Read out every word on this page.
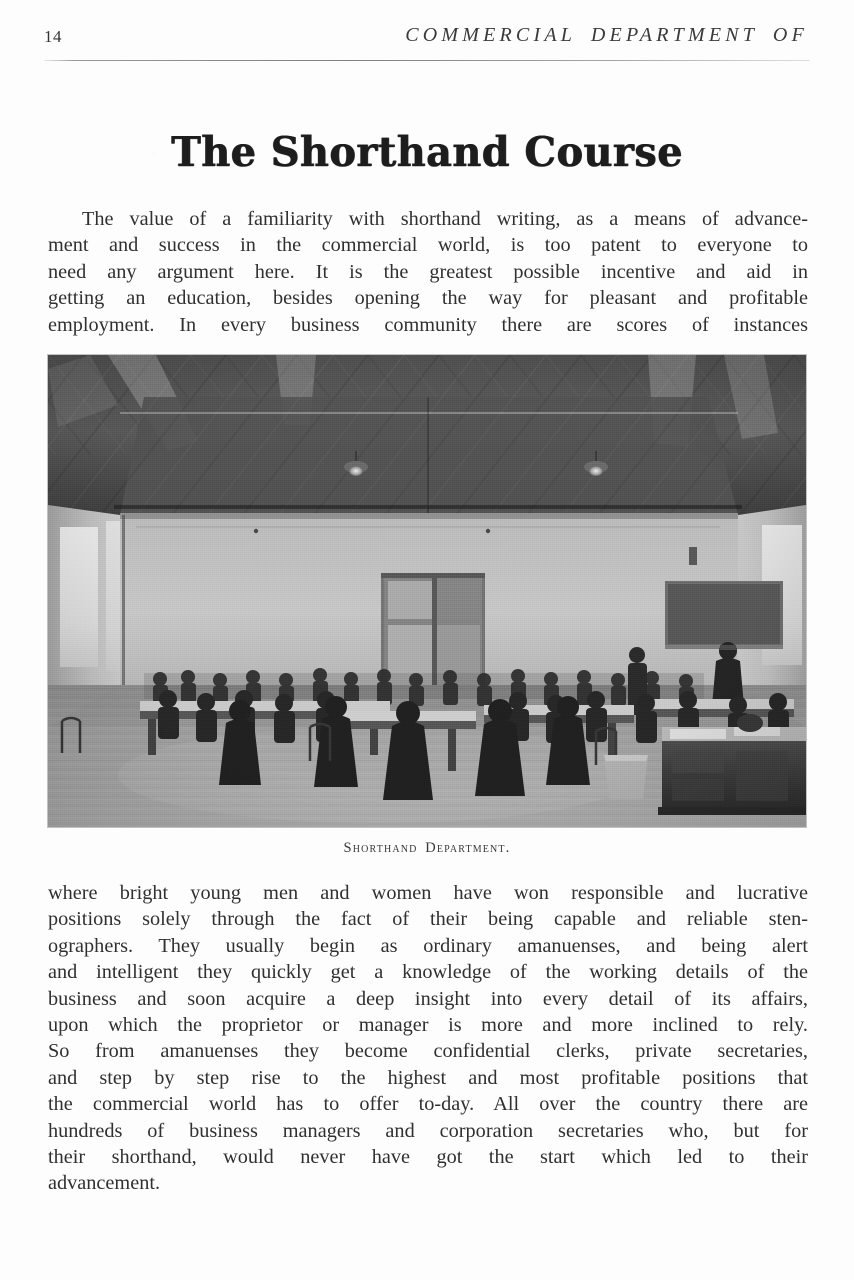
14	COMMERCIAL DEPARTMENT OF
The Shorthand Course
The value of a familiarity with shorthand writing, as a means of advance-
ment and success in the commercial world, is too patent to everyone to
need any argument here. It is the greatest possible incentive and aid in
getting an education, besides opening the way for pleasant and profitable
employment. In every business community there are scores of instances
Shorthand Department.
where bright young men and women have won responsible and lucrative
positions solely through the fact of their being capable and reliable sten-
ographers. They usually begin as ordinary amanuenses, and being alert
and intelligent they quickly get a knowledge of the working details of the
business and soon acquire a deep insight into every detail of its affairs,
upon which the proprietor or manager is more and more inclined to rely.
So from amanuenses they become confidential clerks, private secretaries,
and step by step rise to the highest and most profitable positions that
the commercial world has to offer to-day. All over the country there are
hundreds of business managers and corporation secretaries who, but for
their shorthand, would never have got the start which led to their
advancement.
